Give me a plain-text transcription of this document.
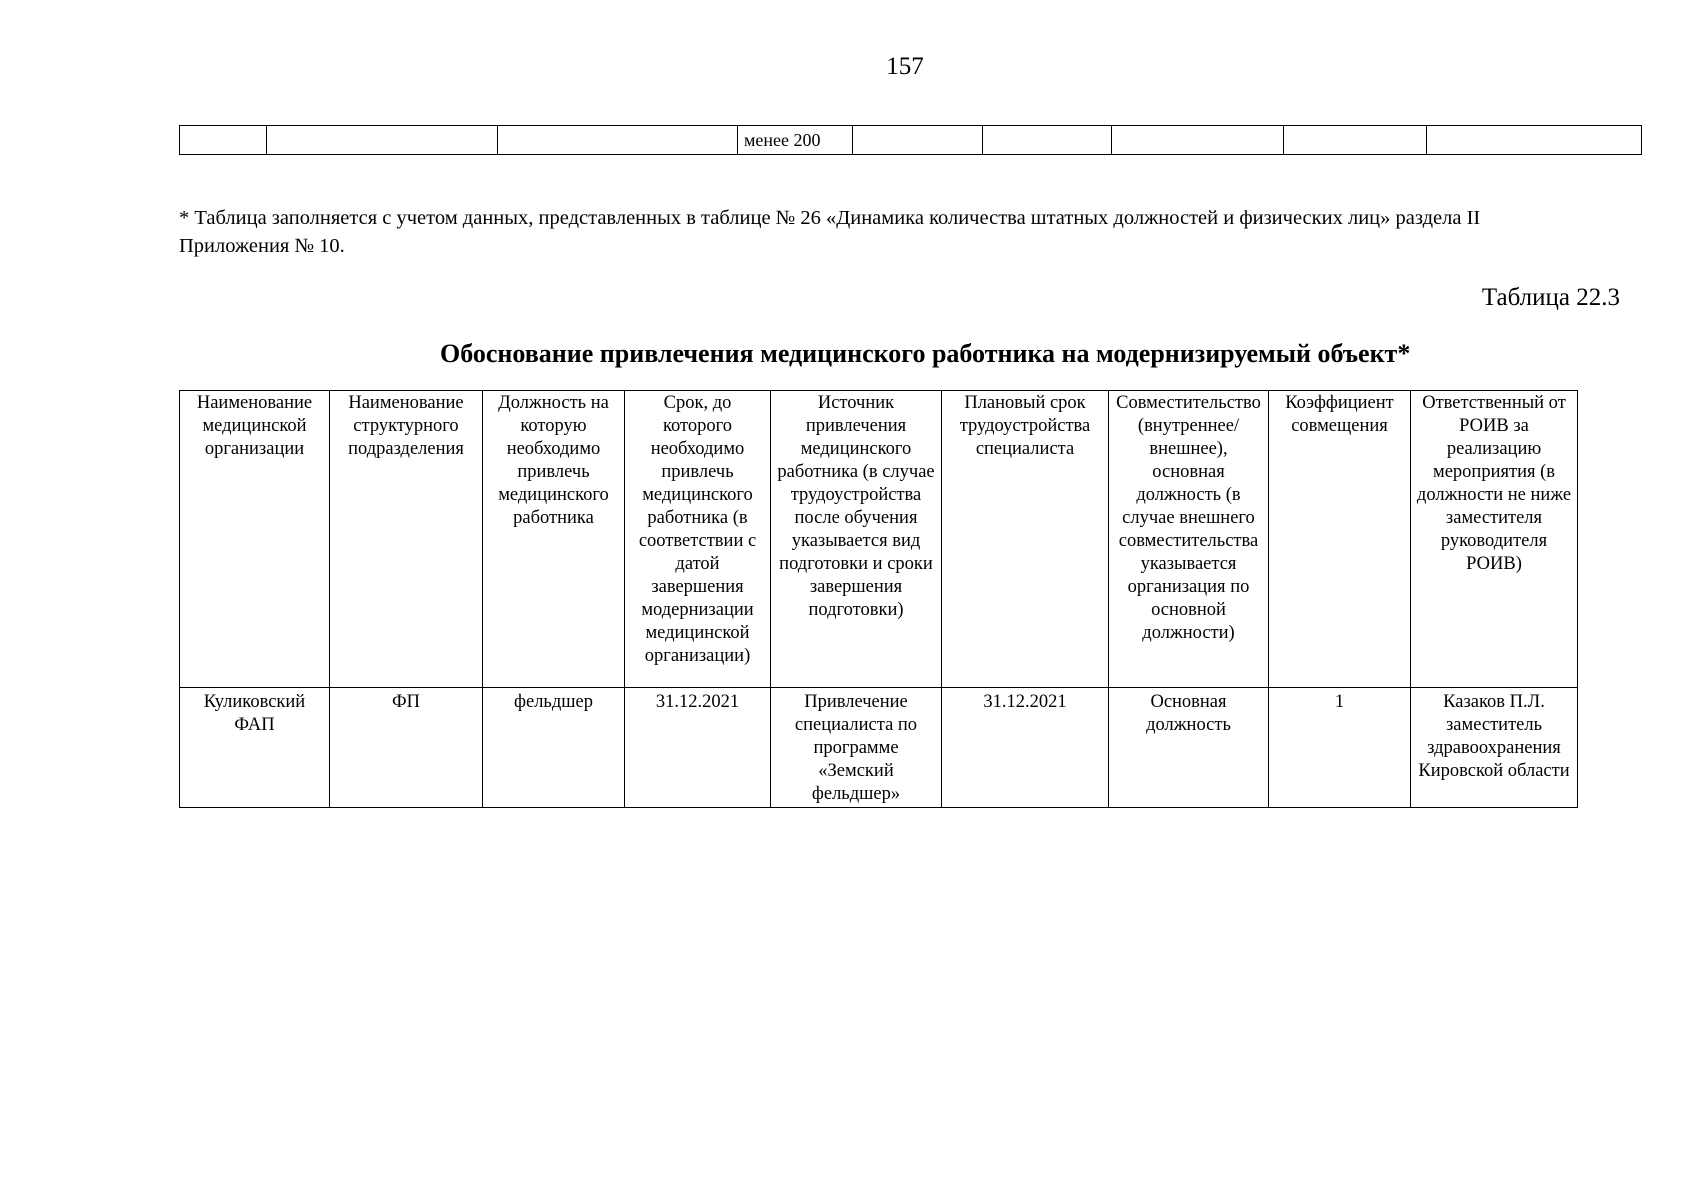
157
			менее 200					
* Таблица заполняется с учетом данных, представленных в таблице № 26 «Динамика количества штатных должностей и физических лиц» раздела II
Приложения № 10.
Таблица 22.3
Обоснование привлечения медицинского работника на модернизируемый объект*
Наименование медицинской организации	Наименование структурного подразделения	Должность на которую необходимо привлечь медицинского работника	Срок, до которого необходимо привлечь медицинского работника (в соответствии с датой завершения модернизации медицинской организации)	Источник привлечения медицинского работника (в случае трудоустройства после обучения указывается вид подготовки и сроки завершения подготовки)	Плановый срок трудоустройства специалиста	Совместительство (внутреннее/внешнее), основная должность (в случае внешнего совместительства указывается организация по основной должности)	Коэффициент совмещения	Ответственный от РОИВ за реализацию мероприятия (в должности не ниже заместителя руководителя РОИВ)
Куликовский ФАП	ФП	фельдшер	31.12.2021	Привлечение специалиста по программе «Земский фельдшер»	31.12.2021	Основная должность	1	Казаков П.Л. заместитель здравоохранения Кировской области
